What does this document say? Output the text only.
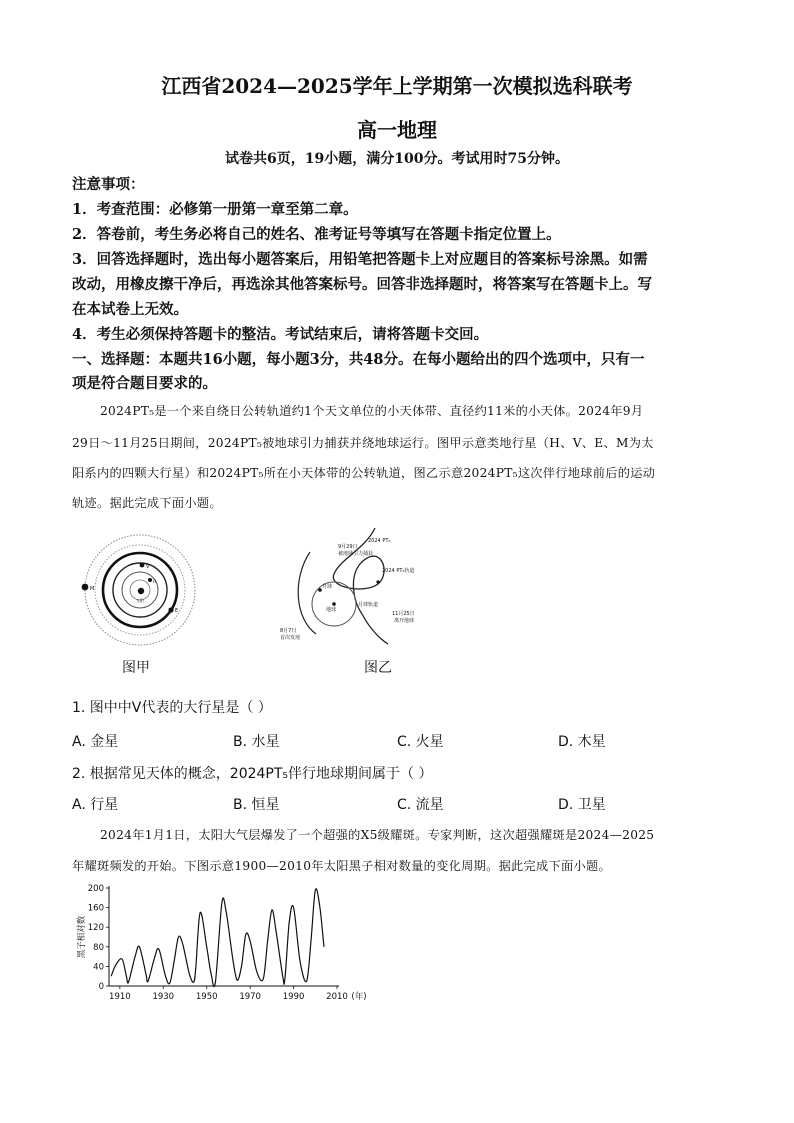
江西省2024—2025学年上学期第一次模拟选科联考
高一地理
试卷共6页，19小题，满分100分。考试用时75分钟。
注意事项：
1．考查范围：必修第一册第一章至第二章。
2．答卷前，考生务必将自己的姓名、准考证号等填写在答题卡指定位置上。
3．回答选择题时，选出每小题答案后，用铅笔把答题卡上对应题目的答案标号涂黑。如需
改动，用橡皮擦干净后，再选涂其他答案标号。回答非选择题时，将答案写在答题卡上。写
在本试卷上无效。
4．考生必须保持答题卡的整洁。考试结束后，请将答题卡交回。
一、选择题：本题共16小题，每小题3分，共48分。在每小题给出的四个选项中，只有一
项是符合题目要求的。
2024PT₅是一个来自绕日公转轨道约1个天文单位的小天体带、直径约11米的小天体。2024年9月
29日～11月25日期间，2024PT₅被地球引力捕获并绕地球运行。图甲示意类地行星（H、V、E、M为太
阳系内的四颗大行星）和2024PT₅所在小天体带的公转轨道，图乙示意2024PT₅这次伴行地球前后的运动
轨迹。据此完成下面小题。
太阳
V
H
E
M
图甲
2024 PT₅
9月29日
被地球引力捕获
2024 PT₅轨道
月球
地球
月球轨道
11月25日
离开地球
8月7日
首次发现
图乙
1. 图中中V代表的大行星是（ ）
A. 金星	B. 水星	C. 火星	D. 木星
2. 根据常见天体的概念，2024PT₅伴行地球期间属于（ ）
A. 行星	B. 恒星	C. 流星	D. 卫星
2024年1月1日，太阳大气层爆发了一个超强的X5级耀斑。专家判断，这次超强耀斑是2024—2025
年耀斑频发的开始。下图示意1900—2010年太阳黑子相对数量的变化周期。据此完成下面小题。
0
40
80
120
160
200
1910	1930	1950	1970	1990	2010 (年)
黑子相对数
